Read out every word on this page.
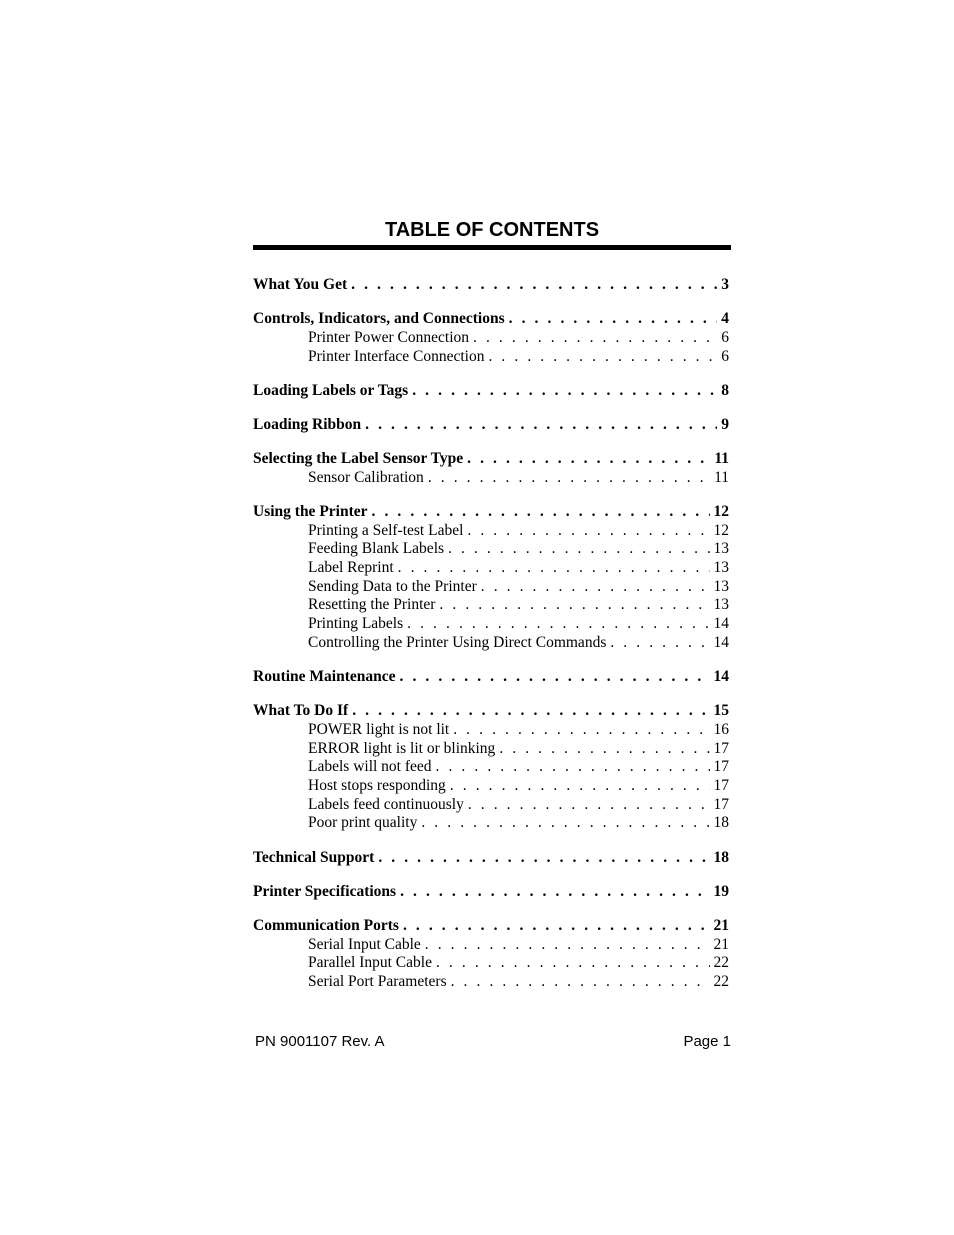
TABLE OF CONTENTS
What You Get . . .	3
Controls, Indicators, and Connections . . .	4
Printer Power Connection . . .	6
Printer Interface Connection . . .	6
Loading Labels or Tags . . .	8
Loading Ribbon . . .	9
Selecting the Label Sensor Type . . .	11
Sensor Calibration . . .	11
Using the Printer . . .	12
Printing a Self-test Label . . .	12
Feeding Blank Labels . . .	13
Label Reprint . . .	13
Sending Data to the Printer . . .	13
Resetting the Printer . . .	13
Printing Labels . . .	14
Controlling the Printer Using Direct Commands . . .	14
Routine Maintenance . . .	14
What To Do If . . .	15
POWER light is not lit . . .	16
ERROR light is lit or blinking . . .	17
Labels will not feed . . .	17
Host stops responding . . .	17
Labels feed continuously . . .	17
Poor print quality . . .	18
Technical Support . . .	18
Printer Specifications . . .	19
Communication Ports . . .	21
Serial Input Cable . . .	21
Parallel Input Cable . . .	22
Serial Port Parameters . . .	22
PN 9001107 Rev. A	Page 1
